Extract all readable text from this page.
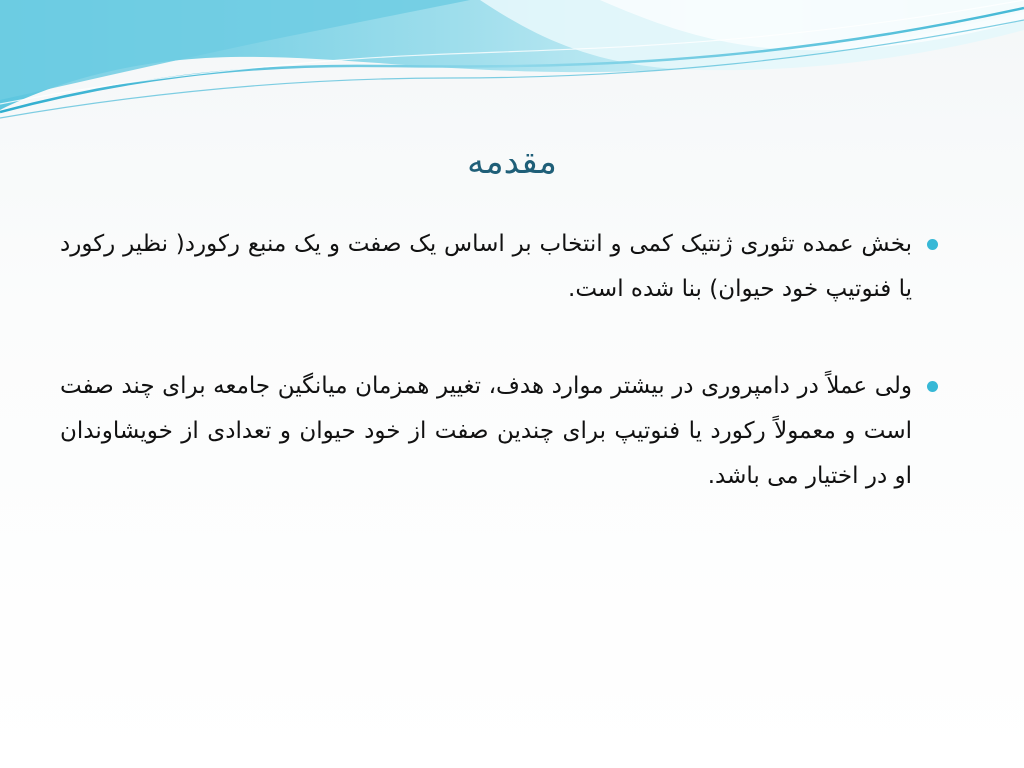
مقدمه
بخش عمده تئوری ژنتیک کمی و انتخاب بر اساس یک صفت و یک منبع رکورد( نظیر رکورد یا فنوتیپ خود حیوان) بنا شده است.
ولی عملاً در دامپروری در بیشتر موارد هدف، تغییر همزمان میانگین جامعه برای چند صفت است و معمولاً رکورد یا فنوتیپ برای چندین صفت از خود حیوان و تعدادی از خویشاوندان او در اختیار می باشد.
